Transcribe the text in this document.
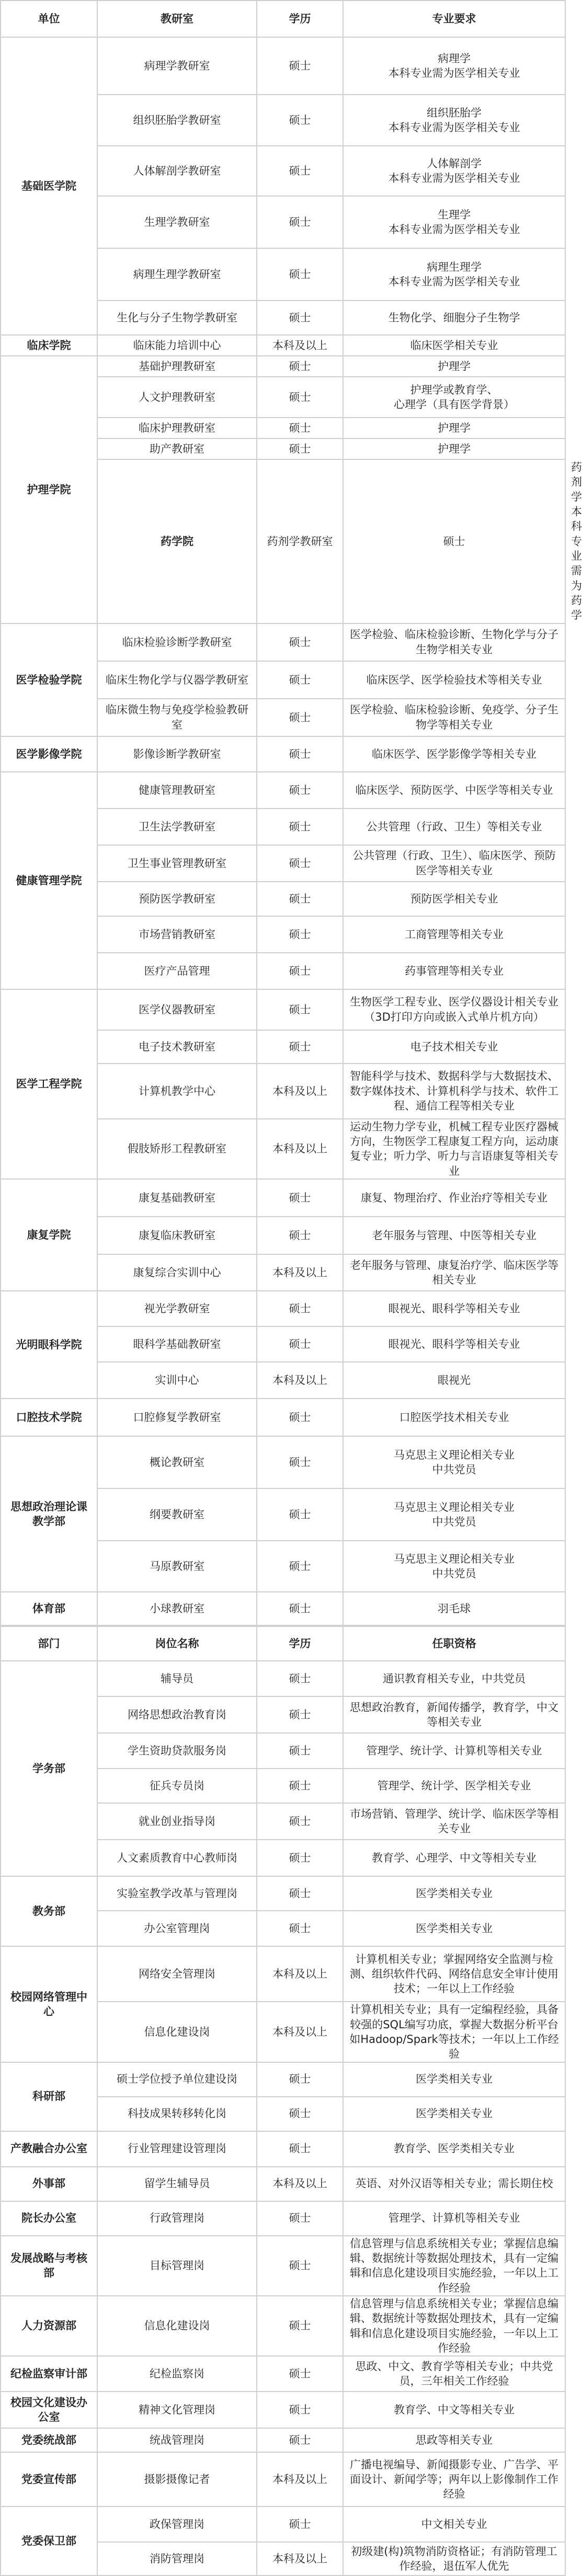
单位	教研室	学历	专业要求	
基础医学院	病理学教研室	硕士	病理学
本科专业需为医学相关专业	
	组织胚胎学教研室	硕士	组织胚胎学
本科专业需为医学相关专业	
	人体解剖学教研室	硕士	人体解剖学
本科专业需为医学相关专业	
	生理学教研室	硕士	生理学
本科专业需为医学相关专业	
	病理生理学教研室	硕士	病理生理学
本科专业需为医学相关专业	
	生化与分子生物学教研室	硕士	生物化学、细胞分子生物学	
临床学院	临床能力培训中心	本科及以上	临床医学相关专业	
护理学院	基础护理教研室	硕士	护理学	
	人文护理教研室	硕士	护理学或教育学、
心理学（具有医学背景）	
	临床护理教研室	硕士	护理学	
	助产教研室	硕士	护理学	
	药学院	药剂学教研室	硕士	药剂学
本科专业需为药学
医学检验学院	临床检验诊断学教研室	硕士	医学检验、临床检验诊断、生物化学与分子生物学相关专业	
	临床生物化学与仪器学教研室	硕士	临床医学、医学检验技术等相关专业	
	临床微生物与免疫学检验教研室	硕士	医学检验、临床检验诊断、免疫学、分子生物学等相关专业	
医学影像学院	影像诊断学教研室	硕士	临床医学、医学影像学等相关专业	
健康管理学院	健康管理教研室	硕士	临床医学、预防医学、中医学等相关专业	
	卫生法学教研室	硕士	公共管理（行政、卫生）等相关专业	
	卫生事业管理教研室	硕士	公共管理（行政、卫生）、临床医学、预防医学等相关专业	
	预防医学教研室	硕士	预防医学相关专业	
	市场营销教研室	硕士	工商管理等相关专业	
	医疗产品管理	硕士	药事管理等相关专业	
医学工程学院	医学仪器教研室	硕士	生物医学工程专业、医学仪器设计相关专业（3D打印方向或嵌入式单片机方向）	
	电子技术教研室	硕士	电子技术相关专业	
	计算机教学中心	本科及以上	智能科学与技术、数据科学与大数据技术、数字媒体技术、计算机科学与技术、软件工程、通信工程等相关专业	
	假肢矫形工程教研室	本科及以上	运动生物力学专业，机械工程专业医疗器械方向，生物医学工程康复工程方向，运动康复专业；听力学、听力与言语康复等相关专业	
康复学院	康复基础教研室	硕士	康复、物理治疗、作业治疗等相关专业	
	康复临床教研室	硕士	老年服务与管理、中医等相关专业	
	康复综合实训中心	本科及以上	老年服务与管理、康复治疗学、临床医学等相关专业	
光明眼科学院	视光学教研室	硕士	眼视光、眼科学等相关专业	
	眼科学基础教研室	硕士	眼视光、眼科学等相关专业	
	实训中心	本科及以上	眼视光	
口腔技术学院	口腔修复学教研室	硕士	口腔医学技术相关专业	
思想政治理论课教学部	概论教研室	硕士	马克思主义理论相关专业
中共党员	
	纲要教研室	硕士	马克思主义理论相关专业
中共党员	
	马原教研室	硕士	马克思主义理论相关专业
中共党员	
体育部	小球教研室	硕士	羽毛球	
部门	岗位名称	学历	任职资格
学务部	辅导员	硕士	通识教育相关专业，中共党员
	网络思想政治教育岗	硕士	思想政治教育，新闻传播学，教育学，中文等相关专业
	学生资助贷款服务岗	硕士	管理学、统计学、计算机等相关专业
	征兵专员岗	硕士	管理学、统计学、医学相关专业
	就业创业指导岗	硕士	市场营销、管理学、统计学、临床医学等相关专业
	人文素质教育中心教师岗	硕士	教育学、心理学、中文等相关专业
教务部	实验室教学改革与管理岗	硕士	医学类相关专业
	办公室管理岗	硕士	医学类相关专业
校园网络管理中心	网络安全管理岗	本科及以上	计算机相关专业；掌握网络安全监测与检测、组织软件代码、网络信息安全审计使用技术；一年以上工作经验
	信息化建设岗	本科及以上	计算机相关专业；具有一定编程经验，具备较强的SQL编写功底，掌握大数据分析平台如Hadoop/Spark等技术；一年以上工作经验
科研部	硕士学位授予单位建设岗	硕士	医学类相关专业
	科技成果转移转化岗	硕士	医学类相关专业
产教融合办公室	行业管理建设管理岗	硕士	教育学、医学类相关专业
外事部	留学生辅导员	本科及以上	英语、对外汉语等相关专业；需长期住校
院长办公室	行政管理岗	硕士	管理学、计算机等相关专业
发展战略与考核部	目标管理岗	硕士	信息管理与信息系统相关专业；掌握信息编辑、数据统计等数据处理技术，具有一定编辑和信息化建设项目实施经验，一年以上工作经验
人力资源部	信息化建设岗	硕士	信息管理与信息系统相关专业；掌握信息编辑、数据统计等数据处理技术，具有一定编辑和信息化建设项目实施经验，一年以上工作经验
纪检监察审计部	纪检监察岗	硕士	思政、中文、教育学等相关专业；中共党员，三年相关工作经验
校园文化建设办公室	精神文化管理岗	硕士	教育学、中文等相关专业
党委统战部	统战管理岗	硕士	思政等相关专业
党委宣传部	摄影摄像记者	本科及以上	广播电视编导、新闻摄影专业、广告学、平面设计、新闻学等；两年以上影像制作工作经验
党委保卫部	政保管理岗	硕士	中文相关专业
	消防管理岗	本科及以上	初级建(构)筑物消防资格证；有消防管理工作经验，退伍军人优先
